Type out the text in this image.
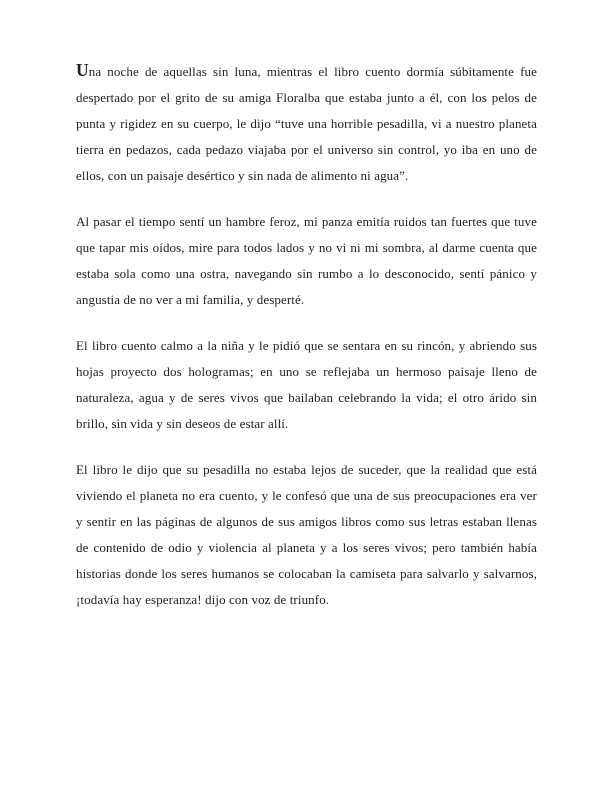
Una noche de aquellas sin luna, mientras el libro cuento dormía súbitamente fue despertado por el grito de su amiga Floralba que estaba junto a él, con los pelos de punta y rigidez en su cuerpo, le dijo “tuve una horrible pesadilla, vi a nuestro planeta tierra en pedazos, cada pedazo viajaba por el universo sin control, yo iba en uno de ellos, con un paisaje desértico y sin nada de alimento ni agua”.

Al pasar el tiempo sentí un hambre feroz, mi panza emitía ruidos tan fuertes que tuve que tapar mis oídos, mire para todos lados y no vi ni mi sombra, al darme cuenta que estaba sola como una ostra, navegando sin rumbo a lo desconocido, sentí pánico y angustia de no ver a mi familia, y desperté.

El libro cuento calmo a la niña y le pidió que se sentara en su rincón, y abriendo sus hojas proyecto dos hologramas; en uno se reflejaba un hermoso paisaje lleno de naturaleza, agua y de seres vivos que bailaban celebrando la vida; el otro árido sin brillo, sin vida y sin deseos de estar allí.

El libro le dijo que su pesadilla no estaba lejos de suceder, que la realidad que está viviendo el planeta no era cuento, y le confesó que una de sus preocupaciones era ver y sentir en las páginas de algunos de sus amigos libros como sus letras estaban llenas de contenido de odio y violencia al planeta y a los seres vivos; pero también había historias donde los seres humanos se colocaban la camiseta para salvarlo y salvarnos, ¡todavía hay esperanza! dijo con voz de triunfo.
